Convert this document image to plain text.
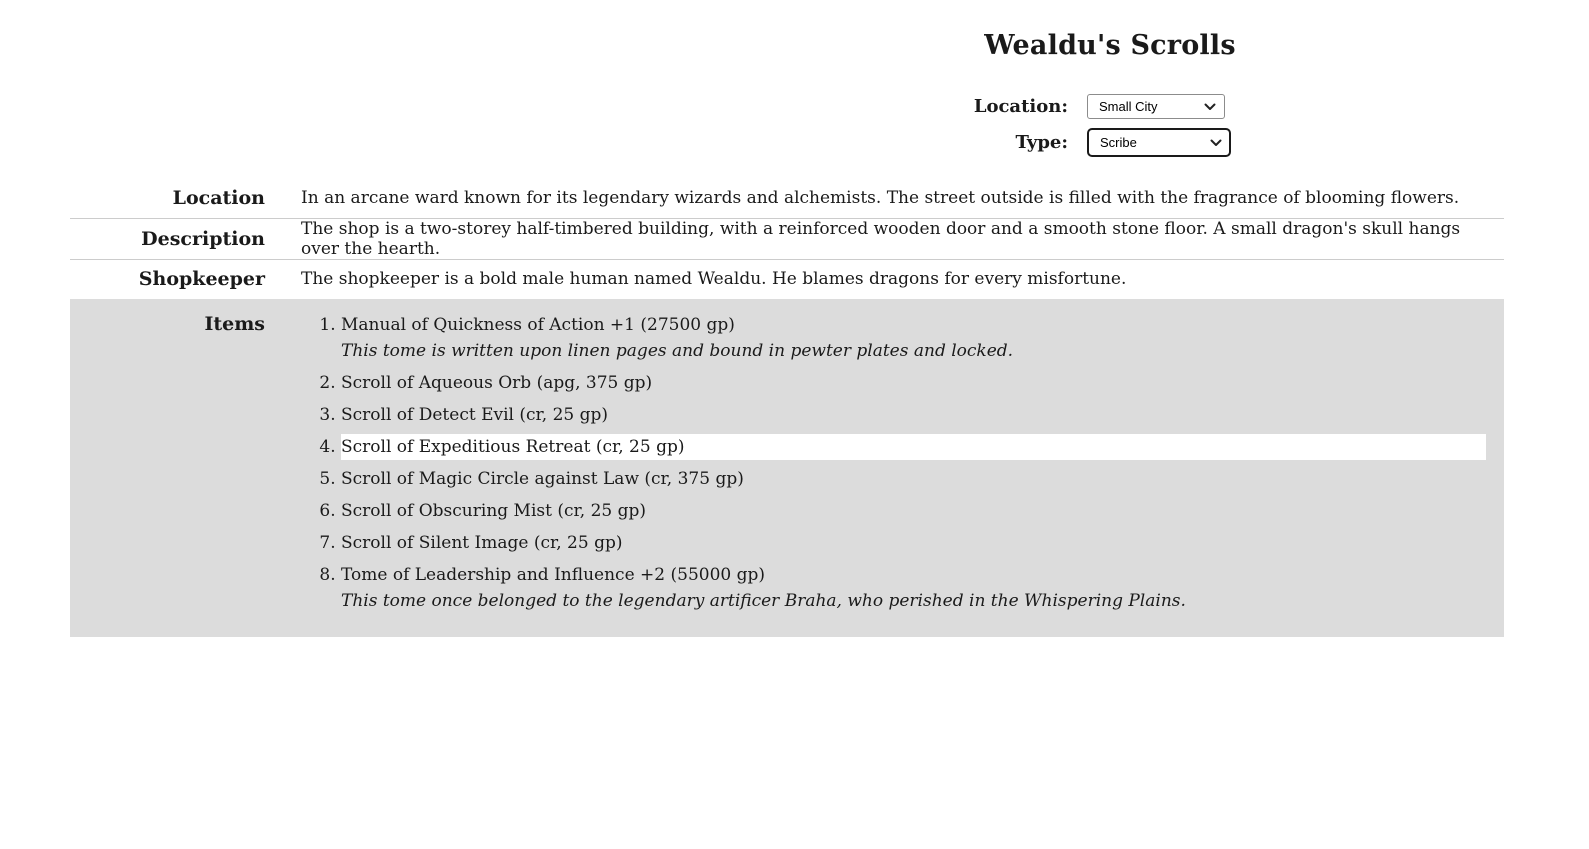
Wealdu's Scrolls
Location:
Small City
Type:
Scribe
Location	In an arcane ward known for its legendary wizards and alchemists. The street outside is filled with the fragrance of blooming flowers.
Description	The shop is a two-storey half-timbered building, with a reinforced wooden door and a smooth stone floor. A small dragon's skull hangs over the hearth.
Shopkeeper	The shopkeeper is a bold male human named Wealdu. He blames dragons for every misfortune.
Items	
1.Manual of Quickness of Action +1 (27500 gp)
This tome is written upon linen pages and bound in pewter plates and locked.
2. Scroll of Aqueous Orb (apg, 375 gp)
3. Scroll of Detect Evil (cr, 25 gp)
4. Scroll of Expeditious Retreat (cr, 25 gp)
5. Scroll of Magic Circle against Law (cr, 375 gp)
6. Scroll of Obscuring Mist (cr, 25 gp)
7. Scroll of Silent Image (cr, 25 gp)
8. Tome of Leadership and Influence +2 (55000 gp)
This tome once belonged to the legendary artificer Braha, who perished in the Whispering Plains.
